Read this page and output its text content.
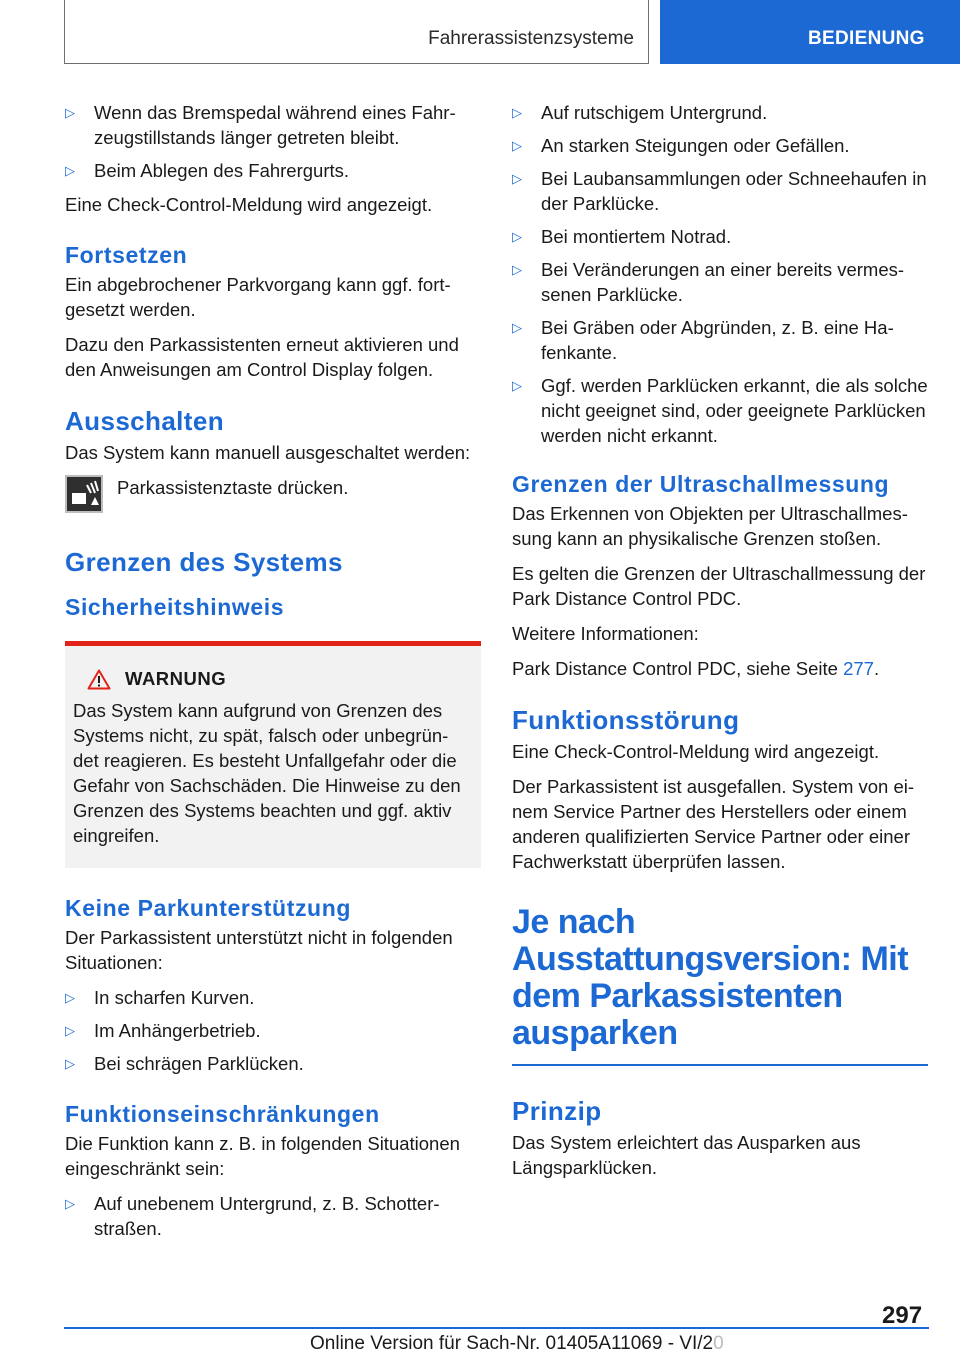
Fahrerassistenzsysteme	BEDIENUNG
▷ Wenn das Bremspedal während eines Fahrzeugstillstands länger getreten bleibt.
▷ Beim Ablegen des Fahrergurts.

Eine Check-Control-Meldung wird angezeigt.

Fortsetzen

Ein abgebrochener Parkvorgang kann ggf. fortgesetzt werden.

Dazu den Parkassistenten erneut aktivieren und den Anweisungen am Control Display folgen.

Ausschalten

Das System kann manuell ausgeschaltet werden:

Parkassistenztaste drücken.

Grenzen des Systems
Sicherheitshinweis
WARNUNG

Das System kann aufgrund von Grenzen des Systems nicht, zu spät, falsch oder unbegründet reagieren. Es besteht Unfallgefahr oder die Gefahr von Sachschäden. Die Hinweise zu den Grenzen des Systems beachten und ggf. aktiv eingreifen.

Keine Parkunterstützung

Der Parkassistent unterstützt nicht in folgenden Situationen:

▷ In scharfen Kurven.
▷ Im Anhängerbetrieb.
▷ Bei schrägen Parklücken.
Funktionseinschränkungen

Die Funktion kann z. B. in folgenden Situationen eingeschränkt sein:

▷ Auf unebenem Untergrund, z. B. Schotterstraßen.
▷ Auf rutschigem Untergrund.
▷ An starken Steigungen oder Gefällen.
▷ Bei Laubansammlungen oder Schneehaufen in der Parklücke.
▷ Bei montiertem Notrad.
▷ Bei Veränderungen an einer bereits vermessenen Parklücke.
▷ Bei Gräben oder Abgründen, z. B. eine Hafenkante.
▷ Ggf. werden Parklücken erkannt, die als solche nicht geeignet sind, oder geeignete Parklücken werden nicht erkannt.
Grenzen der Ultraschallmessung

Das Erkennen von Objekten per Ultraschallmessung kann an physikalische Grenzen stoßen.

Es gelten die Grenzen der Ultraschallmessung der Park Distance Control PDC.

Weitere Informationen:

Park Distance Control PDC, siehe Seite 277.

Funktionsstörung

Eine Check-Control-Meldung wird angezeigt.

Der Parkassistent ist ausgefallen. System von einem Service Partner des Herstellers oder einem anderen qualifizierten Service Partner oder einer Fachwerkstatt überprüfen lassen.

Je nach
Ausstattungsversion: Mit
dem Parkassistenten
ausparken
Prinzip

Das System erleichtert das Ausparken aus Längsparklücken.

297
Online Version für Sach-Nr. 01405A11069 - VI/20
